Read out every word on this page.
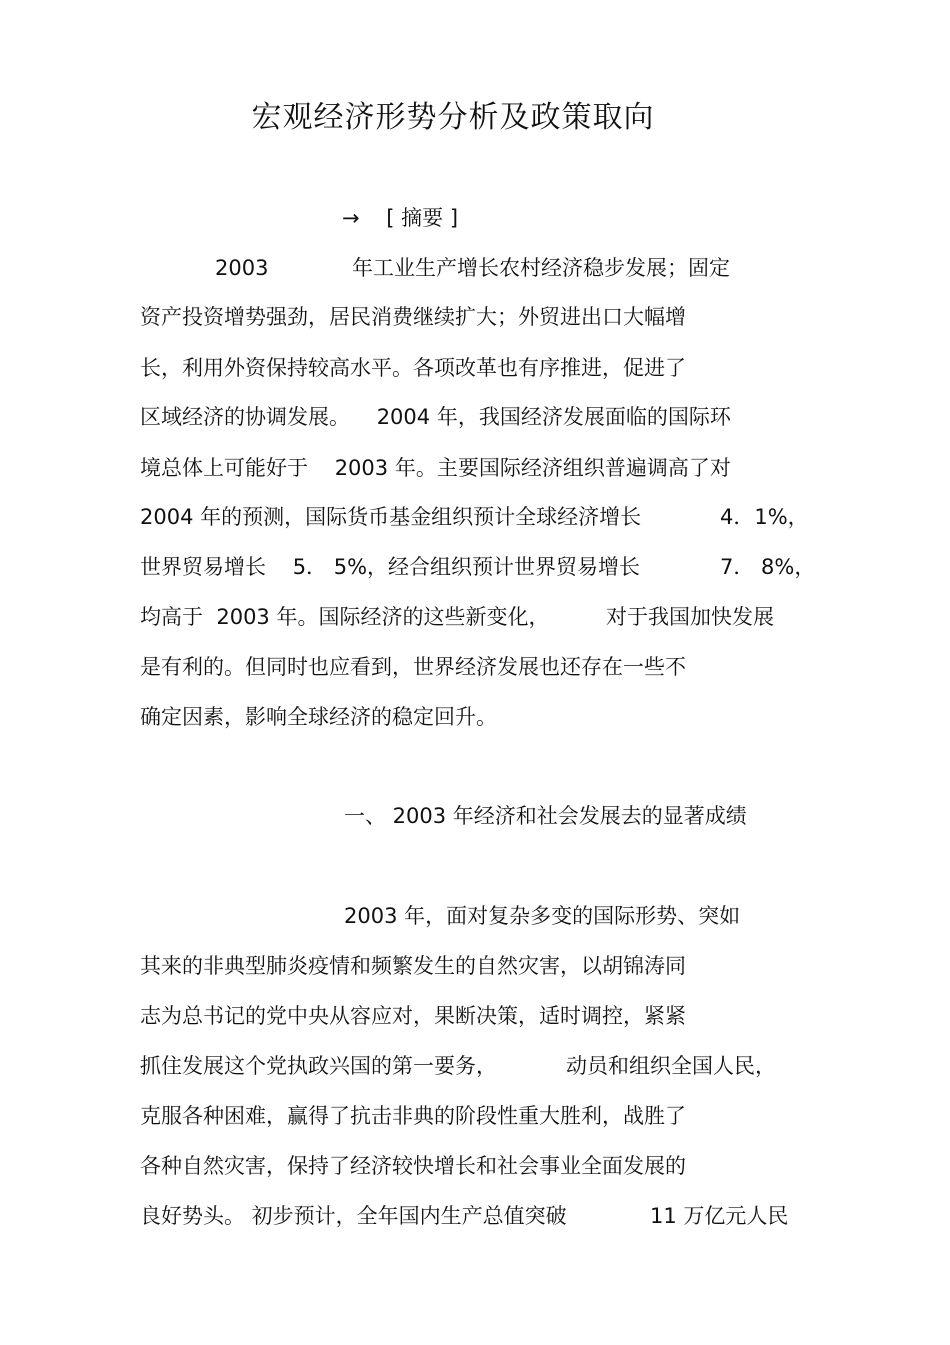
宏观经济形势分析及政策取向
→    [ 摘要 ]
2003	年工业生产增长农村经济稳步发展；固定
资产投资增势强劲，居民消费继续扩大；外贸进出口大幅增
长，利用外资保持较高水平。各项改革也有序推进，促进了
区域经济的协调发展。    2004 年，我国经济发展面临的国际环
境总体上可能好于    2003 年。主要国际经济组织普遍调高了对
2004 年的预测，国际货币基金组织预计全球经济增长	4．1%，
世界贸易增长    5． 5%，经合组织预计世界贸易增长	7． 8%，
均高于  2003 年。国际经济的这些新变化，	对于我国加快发展
是有利的。但同时也应看到，世界经济发展也还存在一些不
确定因素，影响全球经济的稳定回升。
一、 2003 年经济和社会发展去的显著成绩
2003 年，面对复杂多变的国际形势、突如
其来的非典型肺炎疫情和频繁发生的自然灾害，以胡锦涛同
志为总书记的党中央从容应对，果断决策，适时调控，紧紧
抓住发展这个党执政兴国的第一要务，	动员和组织全国人民，
克服各种困难，赢得了抗击非典的阶段性重大胜利，战胜了
各种自然灾害，保持了经济较快增长和社会事业全面发展的
良好势头。 初步预计，全年国内生产总值突破	11 万亿元人民
